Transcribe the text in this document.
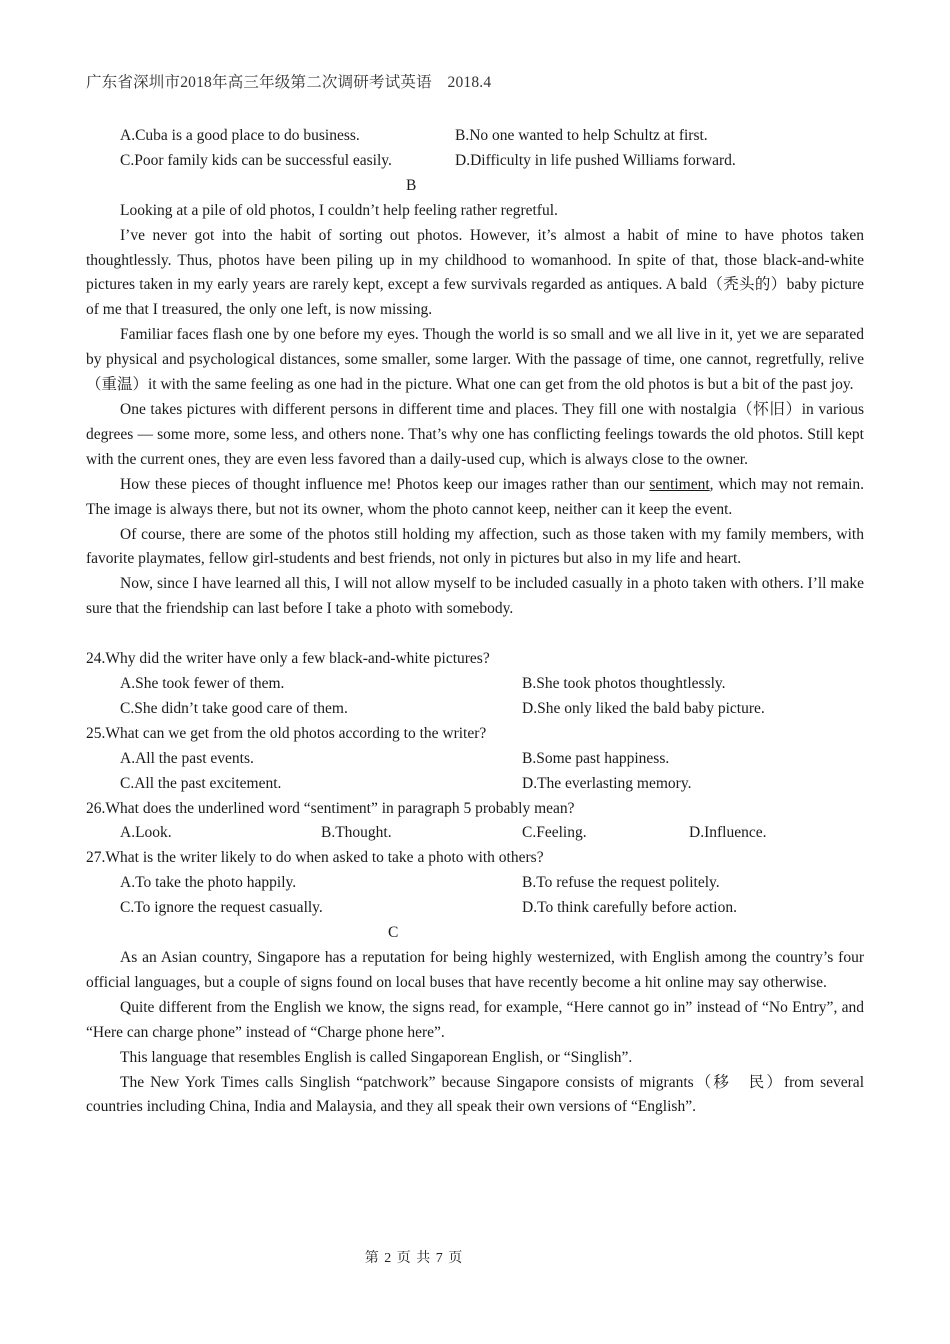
广东省深圳市2018年高三年级第二次调研考试英语　2018.4
A.Cuba is a good place to do business.	B.No one wanted to help Schultz at first.
C.Poor family kids can be successful easily.	D.Difficulty in life pushed Williams forward.
B

Looking at a pile of old photos, I couldn’t help feeling rather regretful.

I’ve never got into the habit of sorting out photos. However, it’s almost a habit of mine to have photos taken thoughtlessly. Thus, photos have been piling up in my childhood to womanhood. In spite of that, those black-and-white pictures taken in my early years are rarely kept, except a few survivals regarded as antiques. A bald（秃头的）baby picture of me that I treasured, the only one left, is now missing.

Familiar faces flash one by one before my eyes. Though the world is so small and we all live in it, yet we are separated by physical and psychological distances, some smaller, some larger. With the passage of time, one cannot, regretfully, relive（重温）it with the same feeling as one had in the picture. What one can get from the old photos is but a bit of the past joy.

One takes pictures with different persons in different time and places. They fill one with nostalgia（怀旧）in various degrees — some more, some less, and others none. That’s why one has conflicting feelings towards the old photos. Still kept with the current ones, they are even less favored than a daily-used cup, which is always close to the owner.

How these pieces of thought influence me! Photos keep our images rather than our sentiment, which may not remain. The image is always there, but not its owner, whom the photo cannot keep, neither can it keep the event.

Of course, there are some of the photos still holding my affection, such as those taken with my family members, with favorite playmates, fellow girl-students and best friends, not only in pictures but also in my life and heart.

Now, since I have learned all this, I will not allow myself to be included casually in a photo taken with others. I’ll make sure that the friendship can last before I take a photo with somebody.

24.Why did the writer have only a few black-and-white pictures?

A.She took fewer of them.	B.She took photos thoughtlessly.
C.She didn’t take good care of them.	D.She only liked the bald baby picture.

25.What can we get from the old photos according to the writer?

A.All the past events.	B.Some past happiness.
C.All the past excitement.	D.The everlasting memory.

26.What does the underlined word “sentiment” in paragraph 5 probably mean?

A.Look.	B.Thought.	C.Feeling.	D.Influence.

27.What is the writer likely to do when asked to take a photo with others?

A.To take the photo happily.	B.To refuse the request politely.
C.To ignore the request casually.	D.To think carefully before action.
C

As an Asian country, Singapore has a reputation for being highly westernized, with English among the country’s four official languages, but a couple of signs found on local buses that have recently become a hit online may say otherwise.

Quite different from the English we know, the signs read, for example, “Here cannot go in” instead of “No Entry”, and “Here can charge phone” instead of “Charge phone here”.

This language that resembles English is called Singaporean English, or “Singlish”.

The New York Times calls Singlish “patchwork” because Singapore consists of migrants（移　民）from several countries including China, India and Malaysia, and they all speak their own versions of “English”.

第 2 页 共 7 页
